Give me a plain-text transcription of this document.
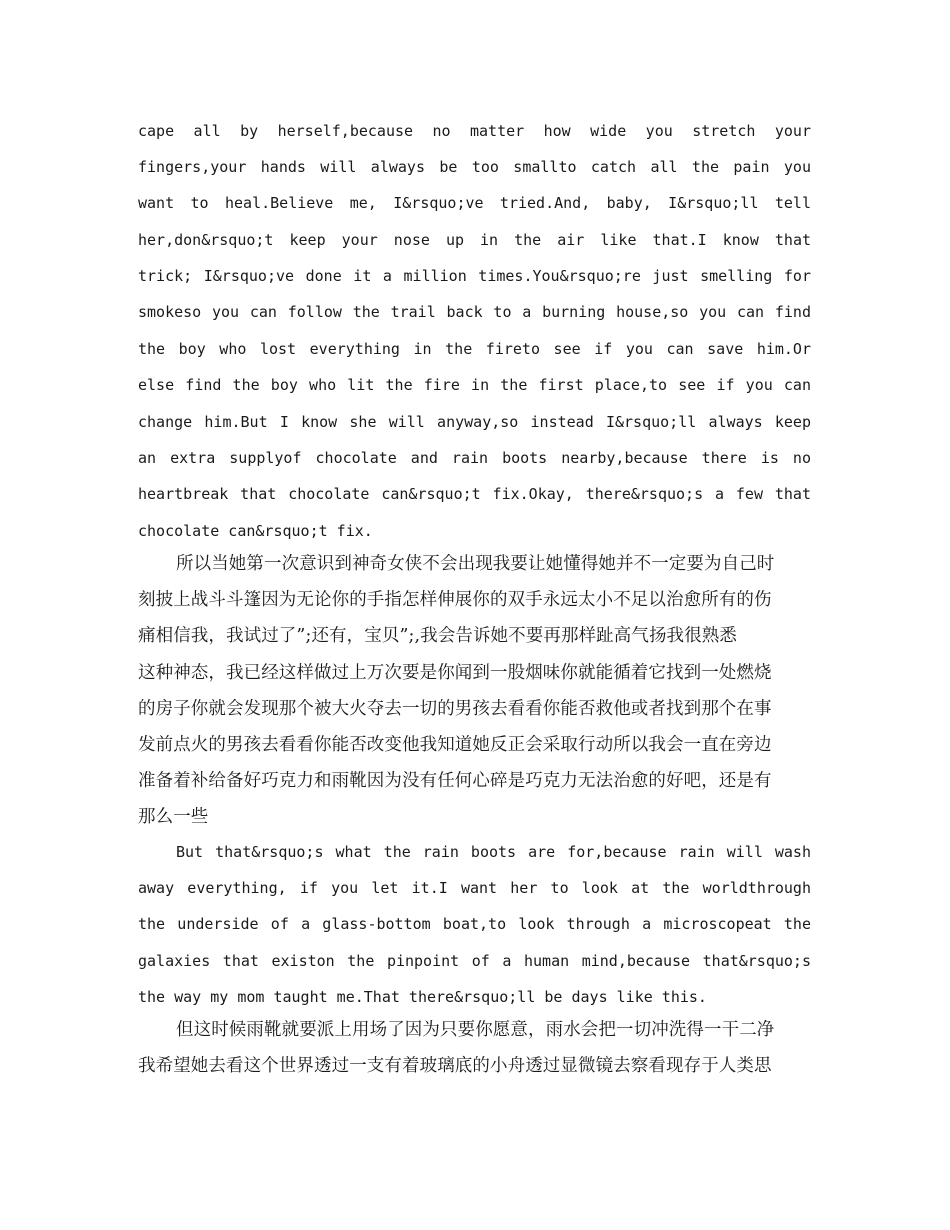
cape all by herself,because no matter how wide you stretch your
fingers,your hands will always be too smallto catch all the pain you
want to heal.Believe me, I&rsquo;ve tried.And, baby, I&rsquo;ll tell
her,don&rsquo;t keep your nose up in the air like that.I know that
trick; I&rsquo;ve done it a million times.You&rsquo;re just smelling for
smokeso you can follow the trail back to a burning house,so you can find
the boy who lost everything in the fireto see if you can save him.Or
else find the boy who lit the fire in the first place,to see if you can
change him.But I know she will anyway,so instead I&rsquo;ll always keep
an extra supplyof chocolate and rain boots nearby,because there is no
heartbreak that chocolate can&rsquo;t fix.Okay, there&rsquo;s a few that
chocolate can&rsquo;t fix.
所以当她第一次意识到神奇女侠不会出现我要让她懂得她并不一定要为自己时
刻披上战斗斗篷因为无论你的手指怎样伸展你的双手永远太小不足以治愈所有的伤
痛相信我，我试过了”;还有，宝贝”;,我会告诉她不要再那样趾高气扬我很熟悉
这种神态，我已经这样做过上万次要是你闻到一股烟味你就能循着它找到一处燃烧
的房子你就会发现那个被大火夺去一切的男孩去看看你能否救他或者找到那个在事
发前点火的男孩去看看你能否改变他我知道她反正会采取行动所以我会一直在旁边
准备着补给备好巧克力和雨靴因为没有任何心碎是巧克力无法治愈的好吧，还是有
那么一些
But that&rsquo;s what the rain boots are for,because rain will wash
away everything, if you let it.I want her to look at the worldthrough
the underside of a glass-bottom boat,to look through a microscopeat the
galaxies that existon the pinpoint of a human mind,because that&rsquo;s
the way my mom taught me.That there&rsquo;ll be days like this.
但这时候雨靴就要派上用场了因为只要你愿意，雨水会把一切冲洗得一干二净
我希望她去看这个世界透过一支有着玻璃底的小舟透过显微镜去察看现存于人类思
